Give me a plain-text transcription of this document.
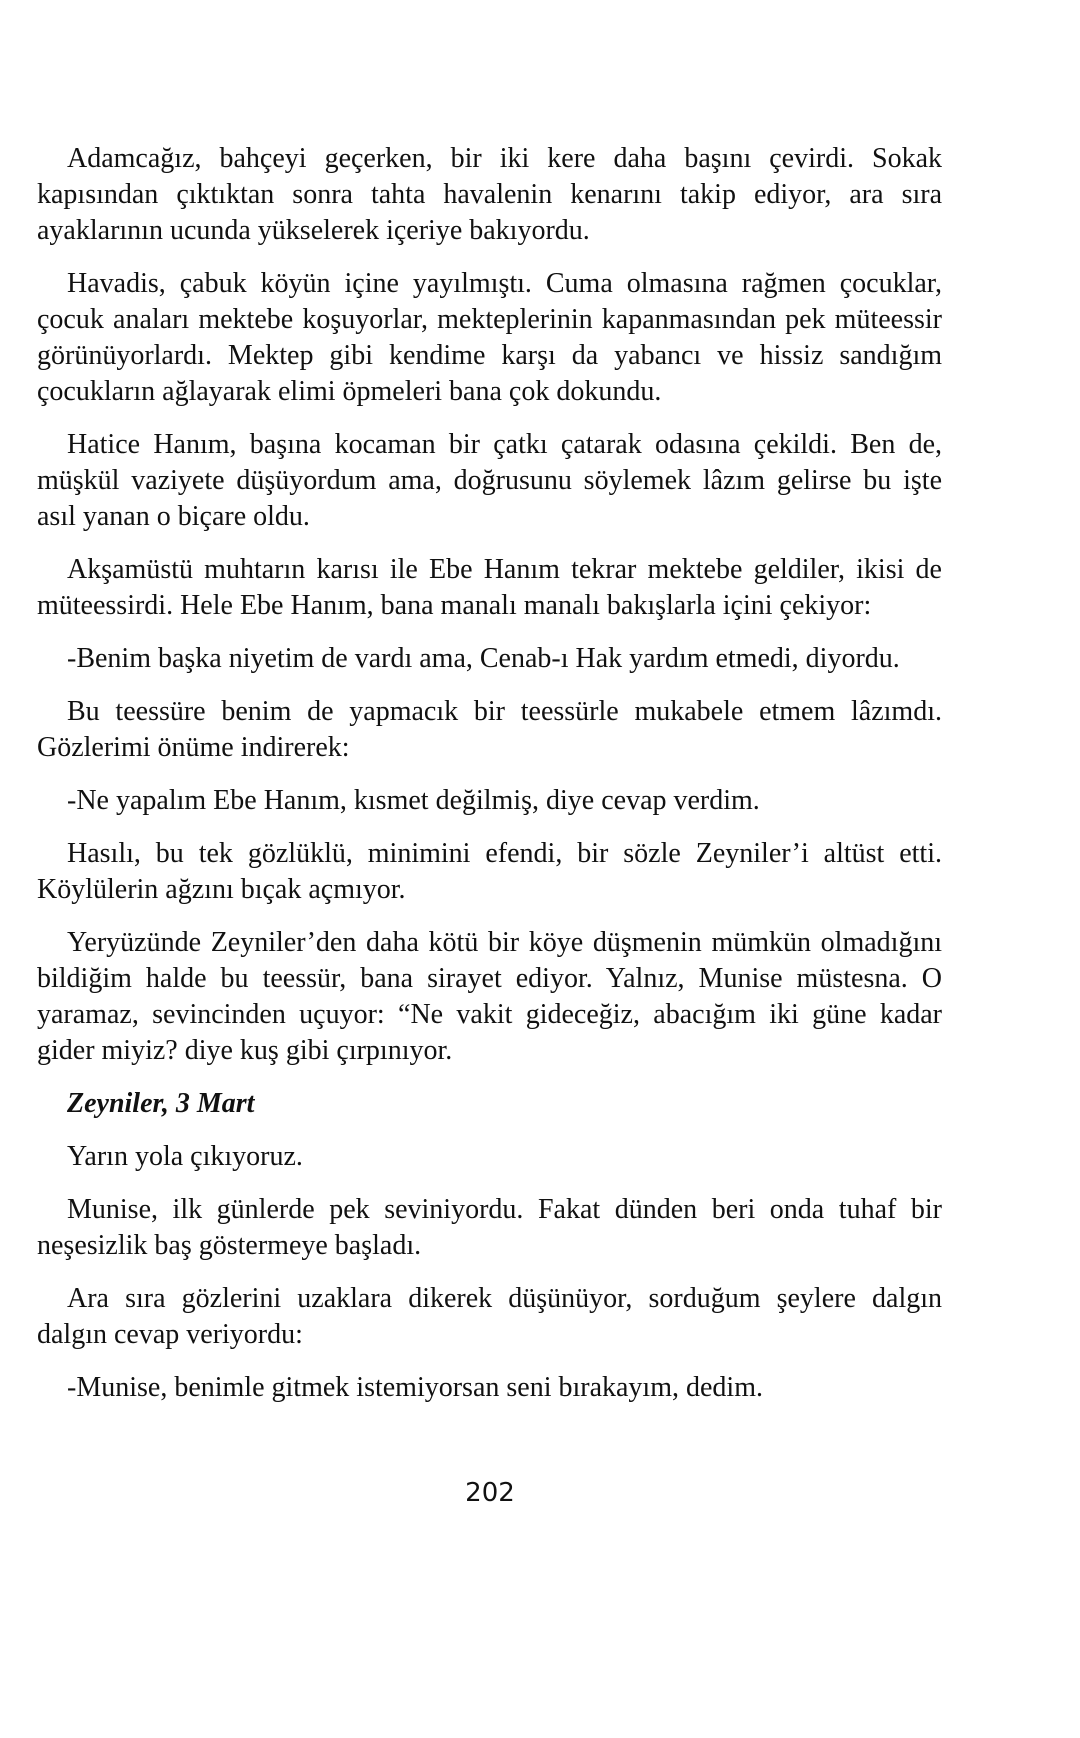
Adamcağız, bahçeyi geçerken, bir iki kere daha başını çevirdi. Sokak kapısından çıktıktan sonra tahta havalenin kenarını takip ediyor, ara sıra ayaklarının ucunda yükselerek içeriye bakıyordu.

Havadis, çabuk köyün içine yayılmıştı. Cuma olmasına rağmen çocuklar, çocuk anaları mektebe koşuyorlar, mekteplerinin kapanmasından pek müteessir görünüyorlardı. Mektep gibi kendime karşı da yabancı ve hissiz sandığım çocukların ağlayarak elimi öpmeleri bana çok dokundu.

Hatice Hanım, başına kocaman bir çatkı çatarak odasına çekildi. Ben de, müşkül vaziyete düşüyordum ama, doğrusunu söylemek lâzım gelirse bu işte asıl yanan o biçare oldu.

Akşamüstü muhtarın karısı ile Ebe Hanım tekrar mektebe geldiler, ikisi de müteessirdi. Hele Ebe Hanım, bana manalı manalı bakışlarla içini çekiyor:

-Benim başka niyetim de vardı ama, Cenab-ı Hak yardım etmedi, diyordu.

Bu teessüre benim de yapmacık bir teessürle mukabele etmem lâzımdı. Gözlerimi önüme indirerek:

-Ne yapalım Ebe Hanım, kısmet değilmiş, diye cevap verdim.

Hasılı, bu tek gözlüklü, minimini efendi, bir sözle Zeyniler’i altüst etti. Köylülerin ağzını bıçak açmıyor.

Yeryüzünde Zeyniler’den daha kötü bir köye düşmenin mümkün olmadığını bildiğim halde bu teessür, bana sirayet ediyor. Yalnız, Munise müstesna. O yaramaz, sevincinden uçuyor: “Ne vakit gideceğiz, abacığım iki güne kadar gider miyiz? diye kuş gibi çırpınıyor.

Zeyniler, 3 Mart

Yarın yola çıkıyoruz.

Munise, ilk günlerde pek seviniyordu. Fakat dünden beri onda tuhaf bir neşesizlik baş göstermeye başladı.

Ara sıra gözlerini uzaklara dikerek düşünüyor, sorduğum şeylere dalgın dalgın cevap veriyordu:

-Munise, benimle gitmek istemiyorsan seni bırakayım, dedim.

202
